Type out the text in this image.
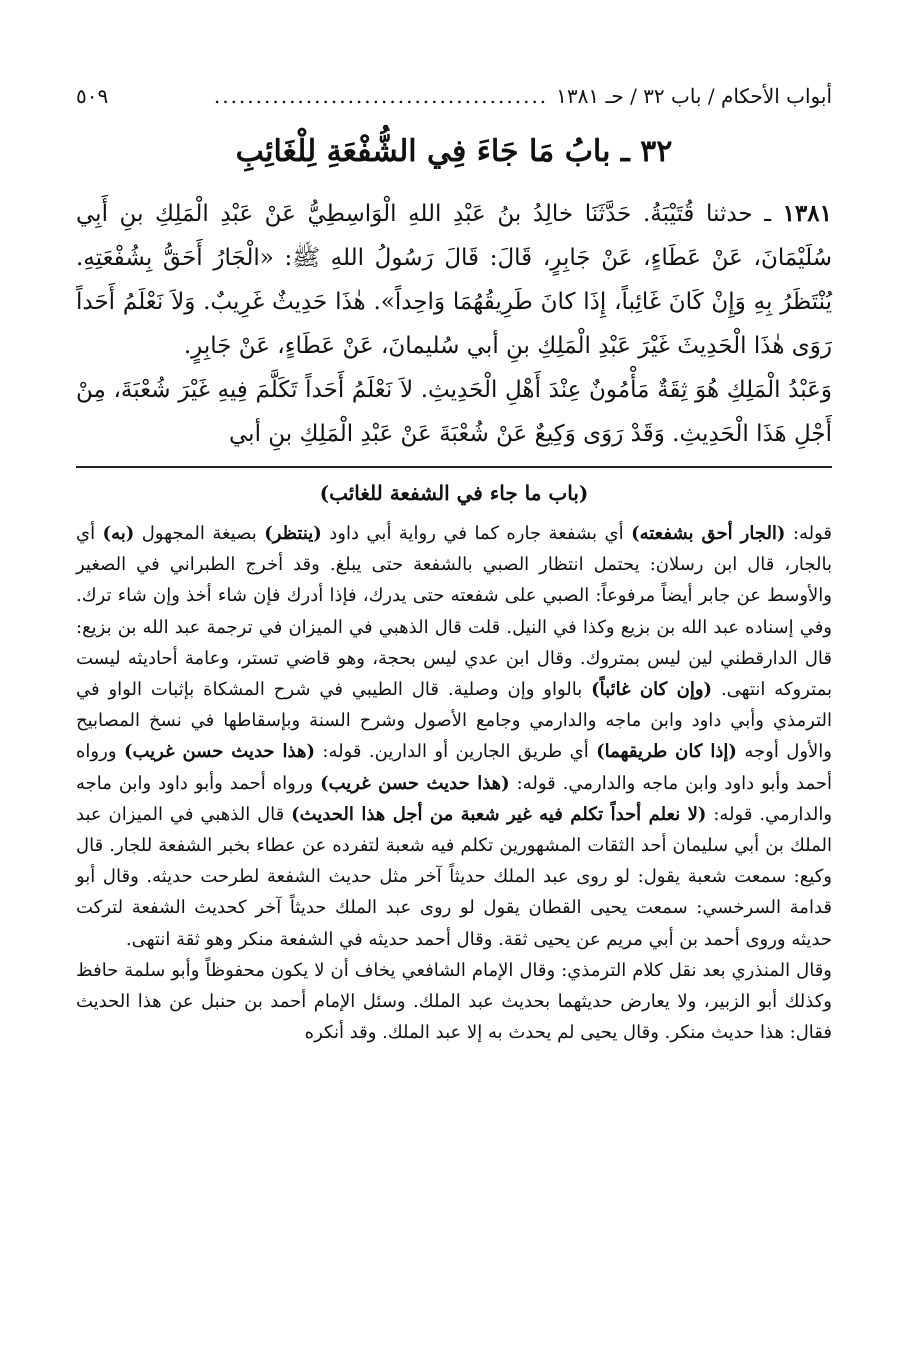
أبواب الأحكام / باب ٣٢ / حـ ١٣٨١
........................................
٥٠٩
٣٢ ـ بابُ مَا جَاءَ فِي الشُّفْعَةِ لِلْغَائِبِ

١٣٨١ ـ حدثنا قُتَيْبَةُ. حَدَّثَنَا خالِدُ بنُ عَبْدِ اللهِ الْوَاسِطِيُّ عَنْ عَبْدِ الْمَلِكِ بنِ أَبِي سُلَيْمَانَ، عَنْ عَطَاءٍ، عَنْ جَابِرٍ، قَالَ: قَالَ رَسُولُ اللهِ ﷺ: «الْجَارُ أَحَقُّ بِشُفْعَتِهِ. يُنْتَظَرُ بِهِ وَإِنْ كَانَ غَائِباً، إِذَا كانَ طَرِيقُهُمَا وَاحِداً». هٰذَا حَدِيثٌ غَرِيبٌ. وَلاَ نَعْلَمُ أَحَداً رَوَى هٰذَا الْحَدِيثَ غَيْرَ عَبْدِ الْمَلِكِ بنِ أبي سُليمانَ، عَنْ عَطَاءٍ، عَنْ جَابِرٍ.

وَعَبْدُ الْمَلِكِ هُوَ ثِقَةٌ مَأْمُونٌ عِنْدَ أَهْلِ الْحَدِيثِ. لاَ نَعْلَمُ أَحَداً تَكَلَّمَ فِيهِ غَيْرَ شُعْبَةَ، مِنْ أَجْلِ هَذَا الْحَدِيثِ. وَقَدْ رَوَى وَكِيعٌ عَنْ شُعْبَةَ عَنْ عَبْدِ الْمَلِكِ بنِ أبي

(باب ما جاء في الشفعة للغائب)

قوله: (الجار أحق بشفعته) أي بشفعة جاره كما في رواية أبي داود (ينتظر) بصيغة المجهول (به) أي بالجار، قال ابن رسلان: يحتمل انتظار الصبي بالشفعة حتى يبلغ. وقد أخرج الطبراني في الصغير والأوسط عن جابر أيضاً مرفوعاً: الصبي على شفعته حتى يدرك، فإذا أدرك فإن شاء أخذ وإن شاء ترك. وفي إسناده عبد الله بن بزيع وكذا في النيل. قلت قال الذهبي في الميزان في ترجمة عبد الله بن بزيع: قال الدارقطني لين ليس بمتروك. وقال ابن عدي ليس بحجة، وهو قاضي تستر، وعامة أحاديثه ليست بمتروكه انتهى. (وإن كان غائباً) بالواو وإن وصلية. قال الطيبي في شرح المشكاة بإثبات الواو في الترمذي وأبي داود وابن ماجه والدارمي وجامع الأصول وشرح السنة وبإسقاطها في نسخ المصابيح والأول أوجه (إذا كان طريقهما) أي طريق الجارين أو الدارين. قوله: (هذا حديث حسن غريب) ورواه أحمد وأبو داود وابن ماجه والدارمي. قوله: (هذا حديث حسن غريب) ورواه أحمد وأبو داود وابن ماجه والدارمي. قوله: (لا نعلم أحداً تكلم فيه غير شعبة من أجل هذا الحديث) قال الذهبي في الميزان عبد الملك بن أبي سليمان أحد الثقات المشهورين تكلم فيه شعبة لتفرده عن عطاء بخبر الشفعة للجار. قال وكيع: سمعت شعبة يقول: لو روى عبد الملك حديثاً آخر مثل حديث الشفعة لطرحت حديثه. وقال أبو قدامة السرخسي: سمعت يحيى القطان يقول لو روى عبد الملك حديثاً آخر كحديث الشفعة لتركت حديثه وروى أحمد بن أبي مريم عن يحيى ثقة. وقال أحمد حديثه في الشفعة منكر وهو ثقة انتهى.

وقال المنذري بعد نقل كلام الترمذي: وقال الإمام الشافعي يخاف أن لا يكون محفوظاً وأبو سلمة حافظ وكذلك أبو الزبير، ولا يعارض حديثهما بحديث عبد الملك. وسئل الإمام أحمد بن حنبل عن هذا الحديث فقال: هذا حديث منكر. وقال يحيى لم يحدث به إلا عبد الملك. وقد أنكره
